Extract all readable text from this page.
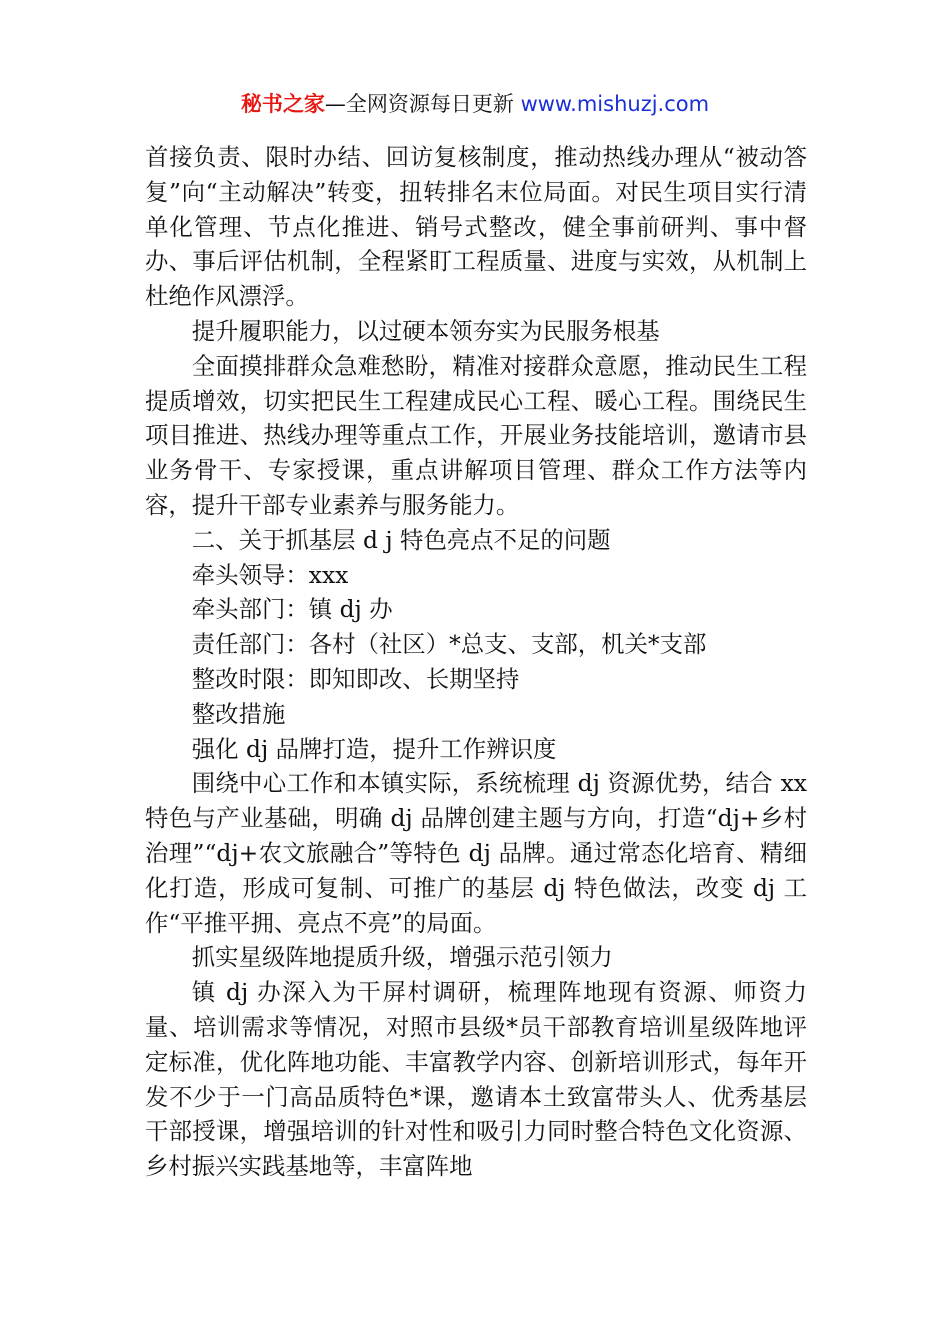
秘书之家—全网资源每日更新 www.mishuzj.com

首接负责、限时办结、回访复核制度，推动热线办理从“被动答复”向“主动解决”转变，扭转排名末位局面。对民生项目实行清单化管理、节点化推进、销号式整改，健全事前研判、事中督办、事后评估机制，全程紧盯工程质量、进度与实效，从机制上杜绝作风漂浮。

提升履职能力，以过硬本领夯实为民服务根基

全面摸排群众急难愁盼，精准对接群众意愿，推动民生工程提质增效，切实把民生工程建成民心工程、暖心工程。围绕民生项目推进、热线办理等重点工作，开展业务技能培训，邀请市县业务骨干、专家授课，重点讲解项目管理、群众工作方法等内容，提升干部专业素养与服务能力。

二、关于抓基层 d j 特色亮点不足的问题

牵头领导：xxx

牵头部门：镇 dj 办

责任部门：各村（社区）*总支、支部，机关*支部

整改时限：即知即改、长期坚持

整改措施

强化 dj 品牌打造，提升工作辨识度

围绕中心工作和本镇实际，系统梳理 dj 资源优势，结合 xx 特色与产业基础，明确 dj 品牌创建主题与方向，打造“dj+乡村治理”“dj+农文旅融合”等特色 dj 品牌。通过常态化培育、精细化打造，形成可复制、可推广的基层 dj 特色做法，改变 dj 工作“平推平拥、亮点不亮”的局面。

抓实星级阵地提质升级，增强示范引领力

镇 dj 办深入为干屏村调研，梳理阵地现有资源、师资力量、培训需求等情况，对照市县级*员干部教育培训星级阵地评定标准，优化阵地功能、丰富教学内容、创新培训形式，每年开发不少于一门高品质特色*课，邀请本土致富带头人、优秀基层干部授课，增强培训的针对性和吸引力同时整合特色文化资源、乡村振兴实践基地等，丰富阵地
